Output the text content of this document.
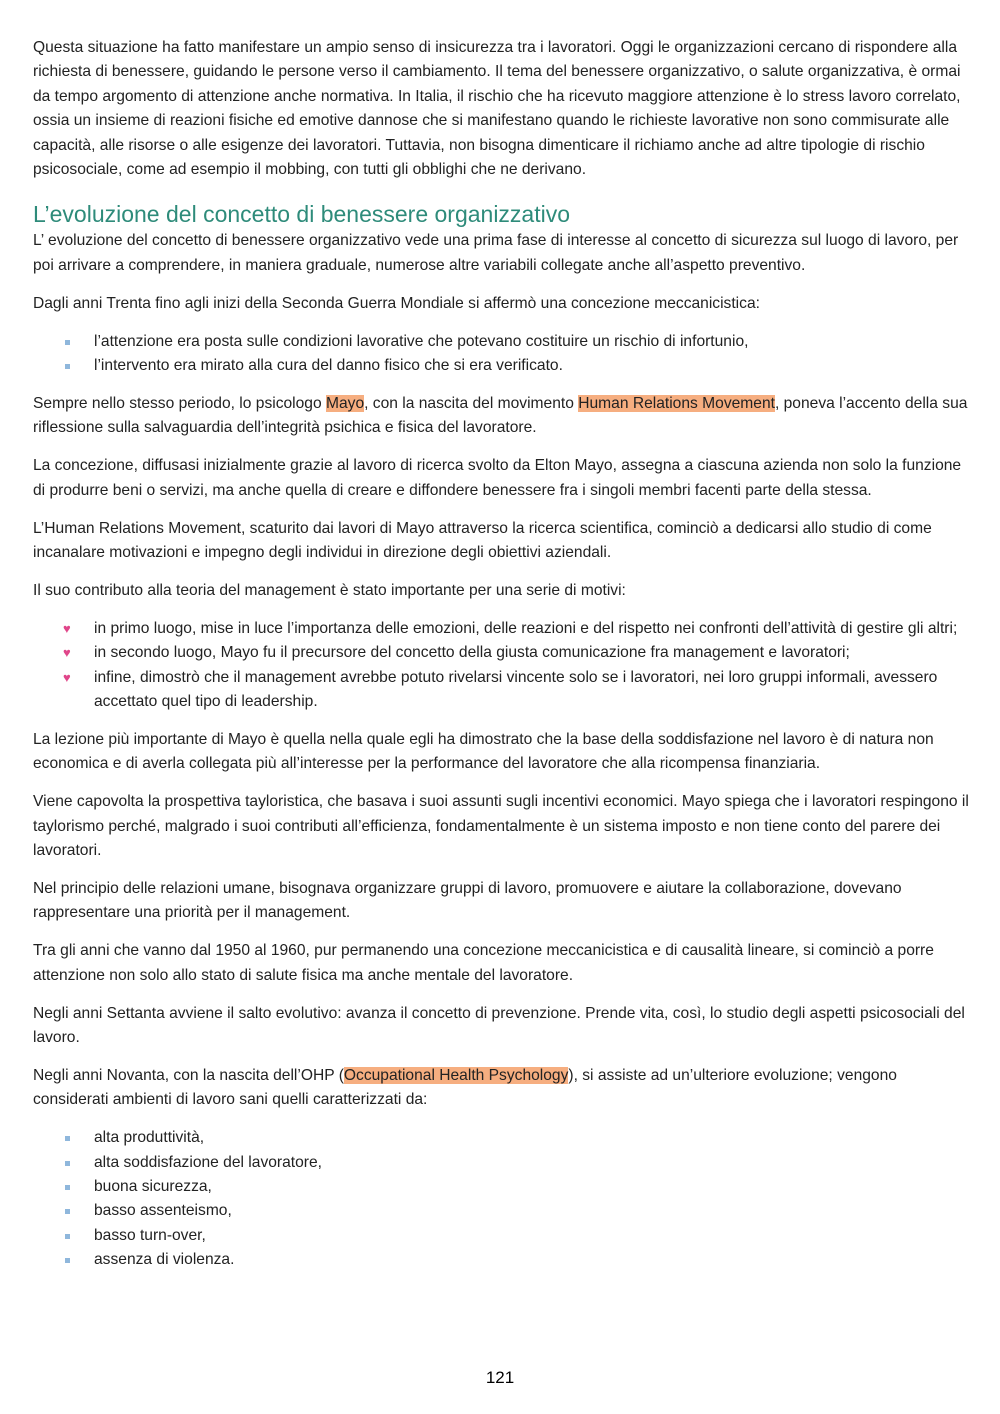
Questa situazione ha fatto manifestare un ampio senso di insicurezza tra i lavoratori. Oggi le organizzazioni cercano di rispondere alla richiesta di benessere, guidando le persone verso il cambiamento. Il tema del benessere organizzativo, o salute organizzativa, è ormai da tempo argomento di attenzione anche normativa. In Italia, il rischio che ha ricevuto maggiore attenzione è lo stress lavoro correlato, ossia un insieme di reazioni fisiche ed emotive dannose che si manifestano quando le richieste lavorative non sono commisurate alle capacità, alle risorse o alle esigenze dei lavoratori. Tuttavia, non bisogna dimenticare il richiamo anche ad altre tipologie di rischio psicosociale, come ad esempio il mobbing, con tutti gli obblighi che ne derivano.

L’evoluzione del concetto di benessere organizzativo

L’ evoluzione del concetto di benessere organizzativo vede una prima fase di interesse al concetto di sicurezza sul luogo di lavoro, per poi arrivare a comprendere, in maniera graduale, numerose altre variabili collegate anche all’aspetto preventivo.

Dagli anni Trenta fino agli inizi della Seconda Guerra Mondiale si affermò una concezione meccanicistica:

l’attenzione era posta sulle condizioni lavorative che potevano costituire un rischio di infortunio,
l’intervento era mirato alla cura del danno fisico che si era verificato.

Sempre nello stesso periodo, lo psicologo Mayo, con la nascita del movimento Human Relations Movement, poneva l’accento della sua riflessione sulla salvaguardia dell’integrità psichica e fisica del lavoratore.

La concezione, diffusasi inizialmente grazie al lavoro di ricerca svolto da Elton Mayo, assegna a ciascuna azienda non solo la funzione di produrre beni o servizi, ma anche quella di creare e diffondere benessere fra i singoli membri facenti parte della stessa.

L’Human Relations Movement, scaturito dai lavori di Mayo attraverso la ricerca scientifica, cominciò a dedicarsi allo studio di come incanalare motivazioni e impegno degli individui in direzione degli obiettivi aziendali.

Il suo contributo alla teoria del management è stato importante per una serie di motivi:

♥ in primo luogo, mise in luce l’importanza delle emozioni, delle reazioni e del rispetto nei confronti dell’attività di gestire gli altri;
♥ in secondo luogo, Mayo fu il precursore del concetto della giusta comunicazione fra management e lavoratori;
♥ infine, dimostrò che il management avrebbe potuto rivelarsi vincente solo se i lavoratori, nei loro gruppi informali, avessero accettato quel tipo di leadership.

La lezione più importante di Mayo è quella nella quale egli ha dimostrato che la base della soddisfazione nel lavoro è di natura non economica e di averla collegata più all’interesse per la performance del lavoratore che alla ricompensa finanziaria.

Viene capovolta la prospettiva tayloristica, che basava i suoi assunti sugli incentivi economici. Mayo spiega che i lavoratori respingono il taylorismo perché, malgrado i suoi contributi all’efficienza, fondamentalmente è un sistema imposto e non tiene conto del parere dei lavoratori.

Nel principio delle relazioni umane, bisognava organizzare gruppi di lavoro, promuovere e aiutare la collaborazione, dovevano rappresentare una priorità per il management.

Tra gli anni che vanno dal 1950 al 1960, pur permanendo una concezione meccanicistica e di causalità lineare, si cominciò a porre attenzione non solo allo stato di salute fisica ma anche mentale del lavoratore.

Negli anni Settanta avviene il salto evolutivo: avanza il concetto di prevenzione. Prende vita, così, lo studio degli aspetti psicosociali del lavoro.

Negli anni Novanta, con la nascita dell’OHP (Occupational Health Psychology), si assiste ad un’ulteriore evoluzione; vengono considerati ambienti di lavoro sani quelli caratterizzati da:

alta produttività,
alta soddisfazione del lavoratore,
buona sicurezza,
basso assenteismo,
basso turn-over,
assenza di violenza.
121
